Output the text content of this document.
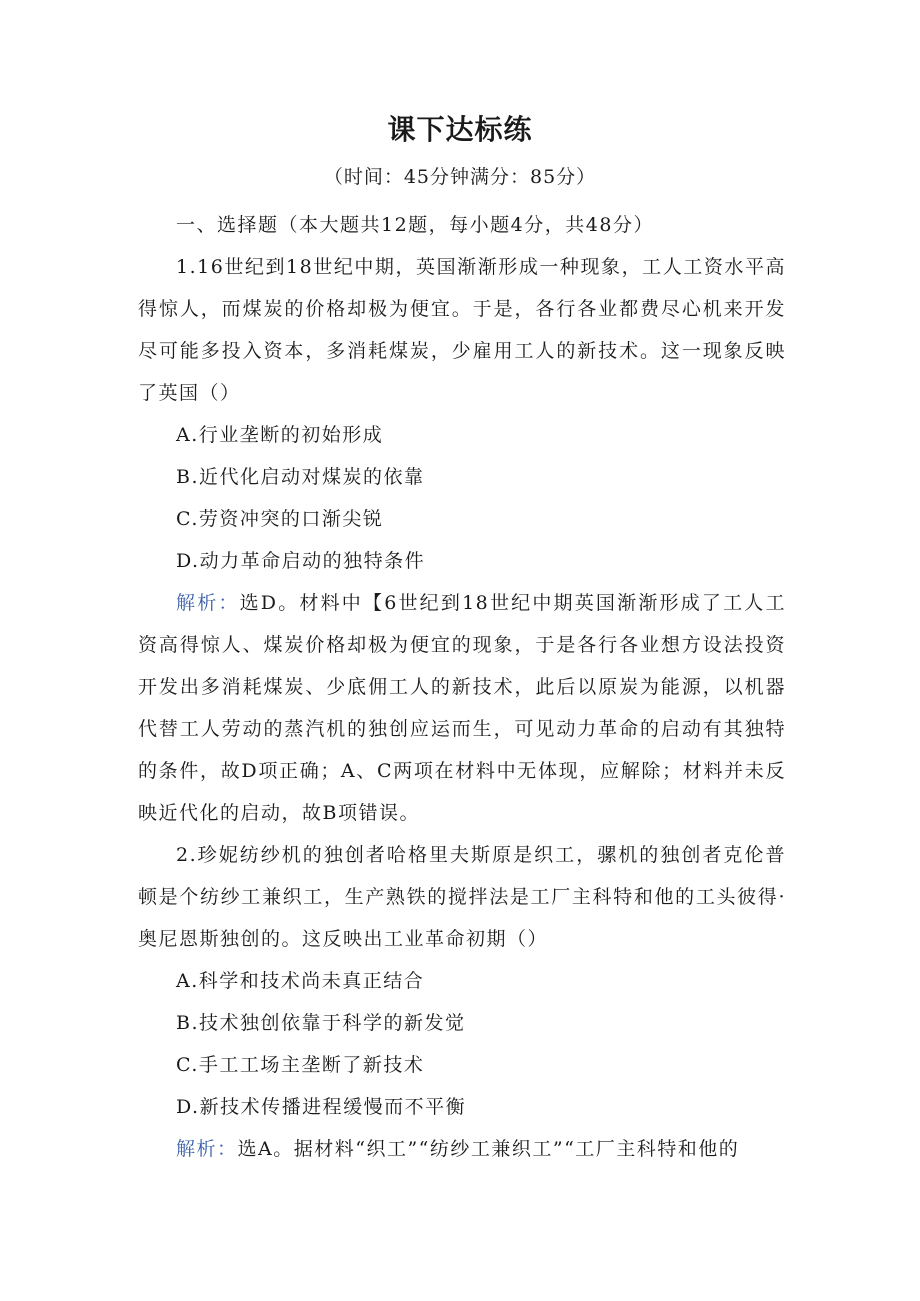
课下达标练
（时间：45分钟满分：85分）

一、选择题（本大题共12题，每小题4分，共48分）

1.16世纪到18世纪中期，英国渐渐形成一种现象，工人工资水平高得惊人，而煤炭的价格却极为便宜。于是，各行各业都费尽心机来开发尽可能多投入资本，多消耗煤炭，少雇用工人的新技术。这一现象反映了英国（）

A.行业垄断的初始形成

B.近代化启动对煤炭的依靠

C.劳资冲突的口渐尖锐

D.动力革命启动的独特条件

解析：选D。材料中【6世纪到18世纪中期英国渐渐形成了工人工资高得惊人、煤炭价格却极为便宜的现象，于是各行各业想方设法投资开发出多消耗煤炭、少底佣工人的新技术，此后以原炭为能源，以机器代替工人劳动的蒸汽机的独创应运而生，可见动力革命的启动有其独特的条件，故D项正确；A、C两项在材料中无体现，应解除；材料并未反映近代化的启动，故B项错误。

2.珍妮纺纱机的独创者哈格里夫斯原是织工，骡机的独创者克伦普顿是个纺纱工兼织工，生产熟铁的搅拌法是工厂主科特和他的工头彼得·奥尼恩斯独创的。这反映出工业革命初期（）

A.科学和技术尚未真正结合

B.技术独创依靠于科学的新发觉

C.手工工场主垄断了新技术

D.新技术传播进程缓慢而不平衡

解析：选A。据材料“织工”“纺纱工兼织工”“工厂主科特和他的
